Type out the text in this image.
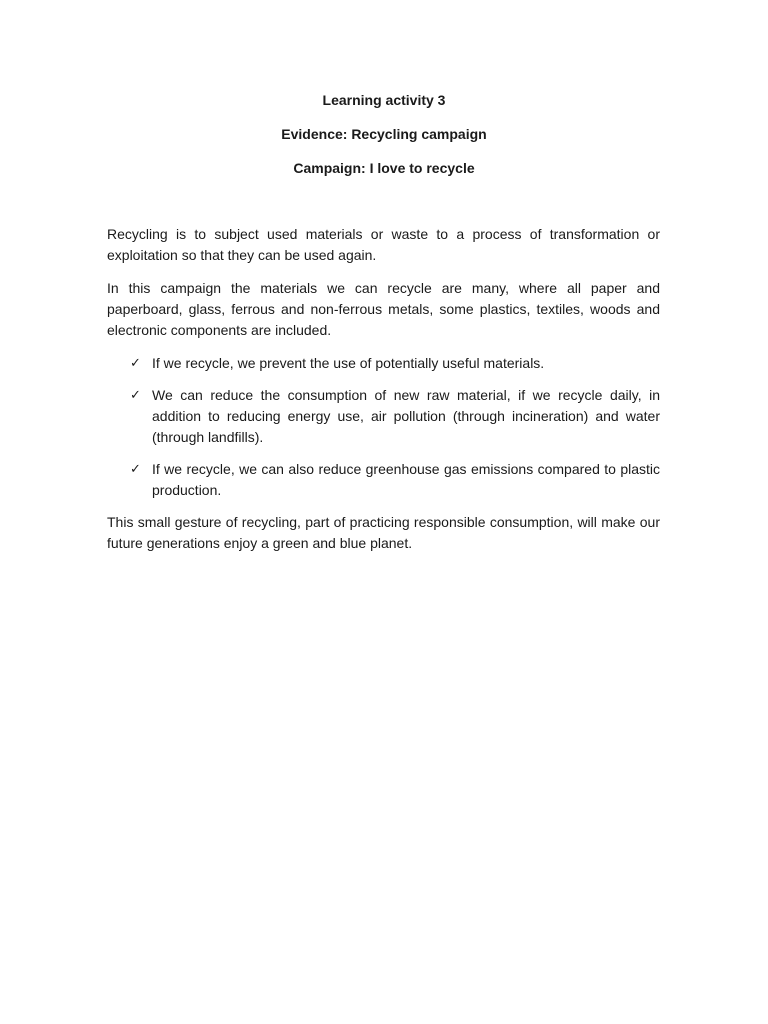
Learning activity 3

Evidence: Recycling campaign

Campaign: I love to recycle

Recycling is to subject used materials or waste to a process of transformation or exploitation so that they can be used again.

In this campaign the materials we can recycle are many, where all paper and paperboard, glass, ferrous and non-ferrous metals, some plastics, textiles, woods and electronic components are included.

✓ If we recycle, we prevent the use of potentially useful materials.
✓ We can reduce the consumption of new raw material, if we recycle daily, in addition to reducing energy use, air pollution (through incineration) and water (through landfills).
✓ If we recycle, we can also reduce greenhouse gas emissions compared to plastic production.

This small gesture of recycling, part of practicing responsible consumption, will make our future generations enjoy a green and blue planet.
